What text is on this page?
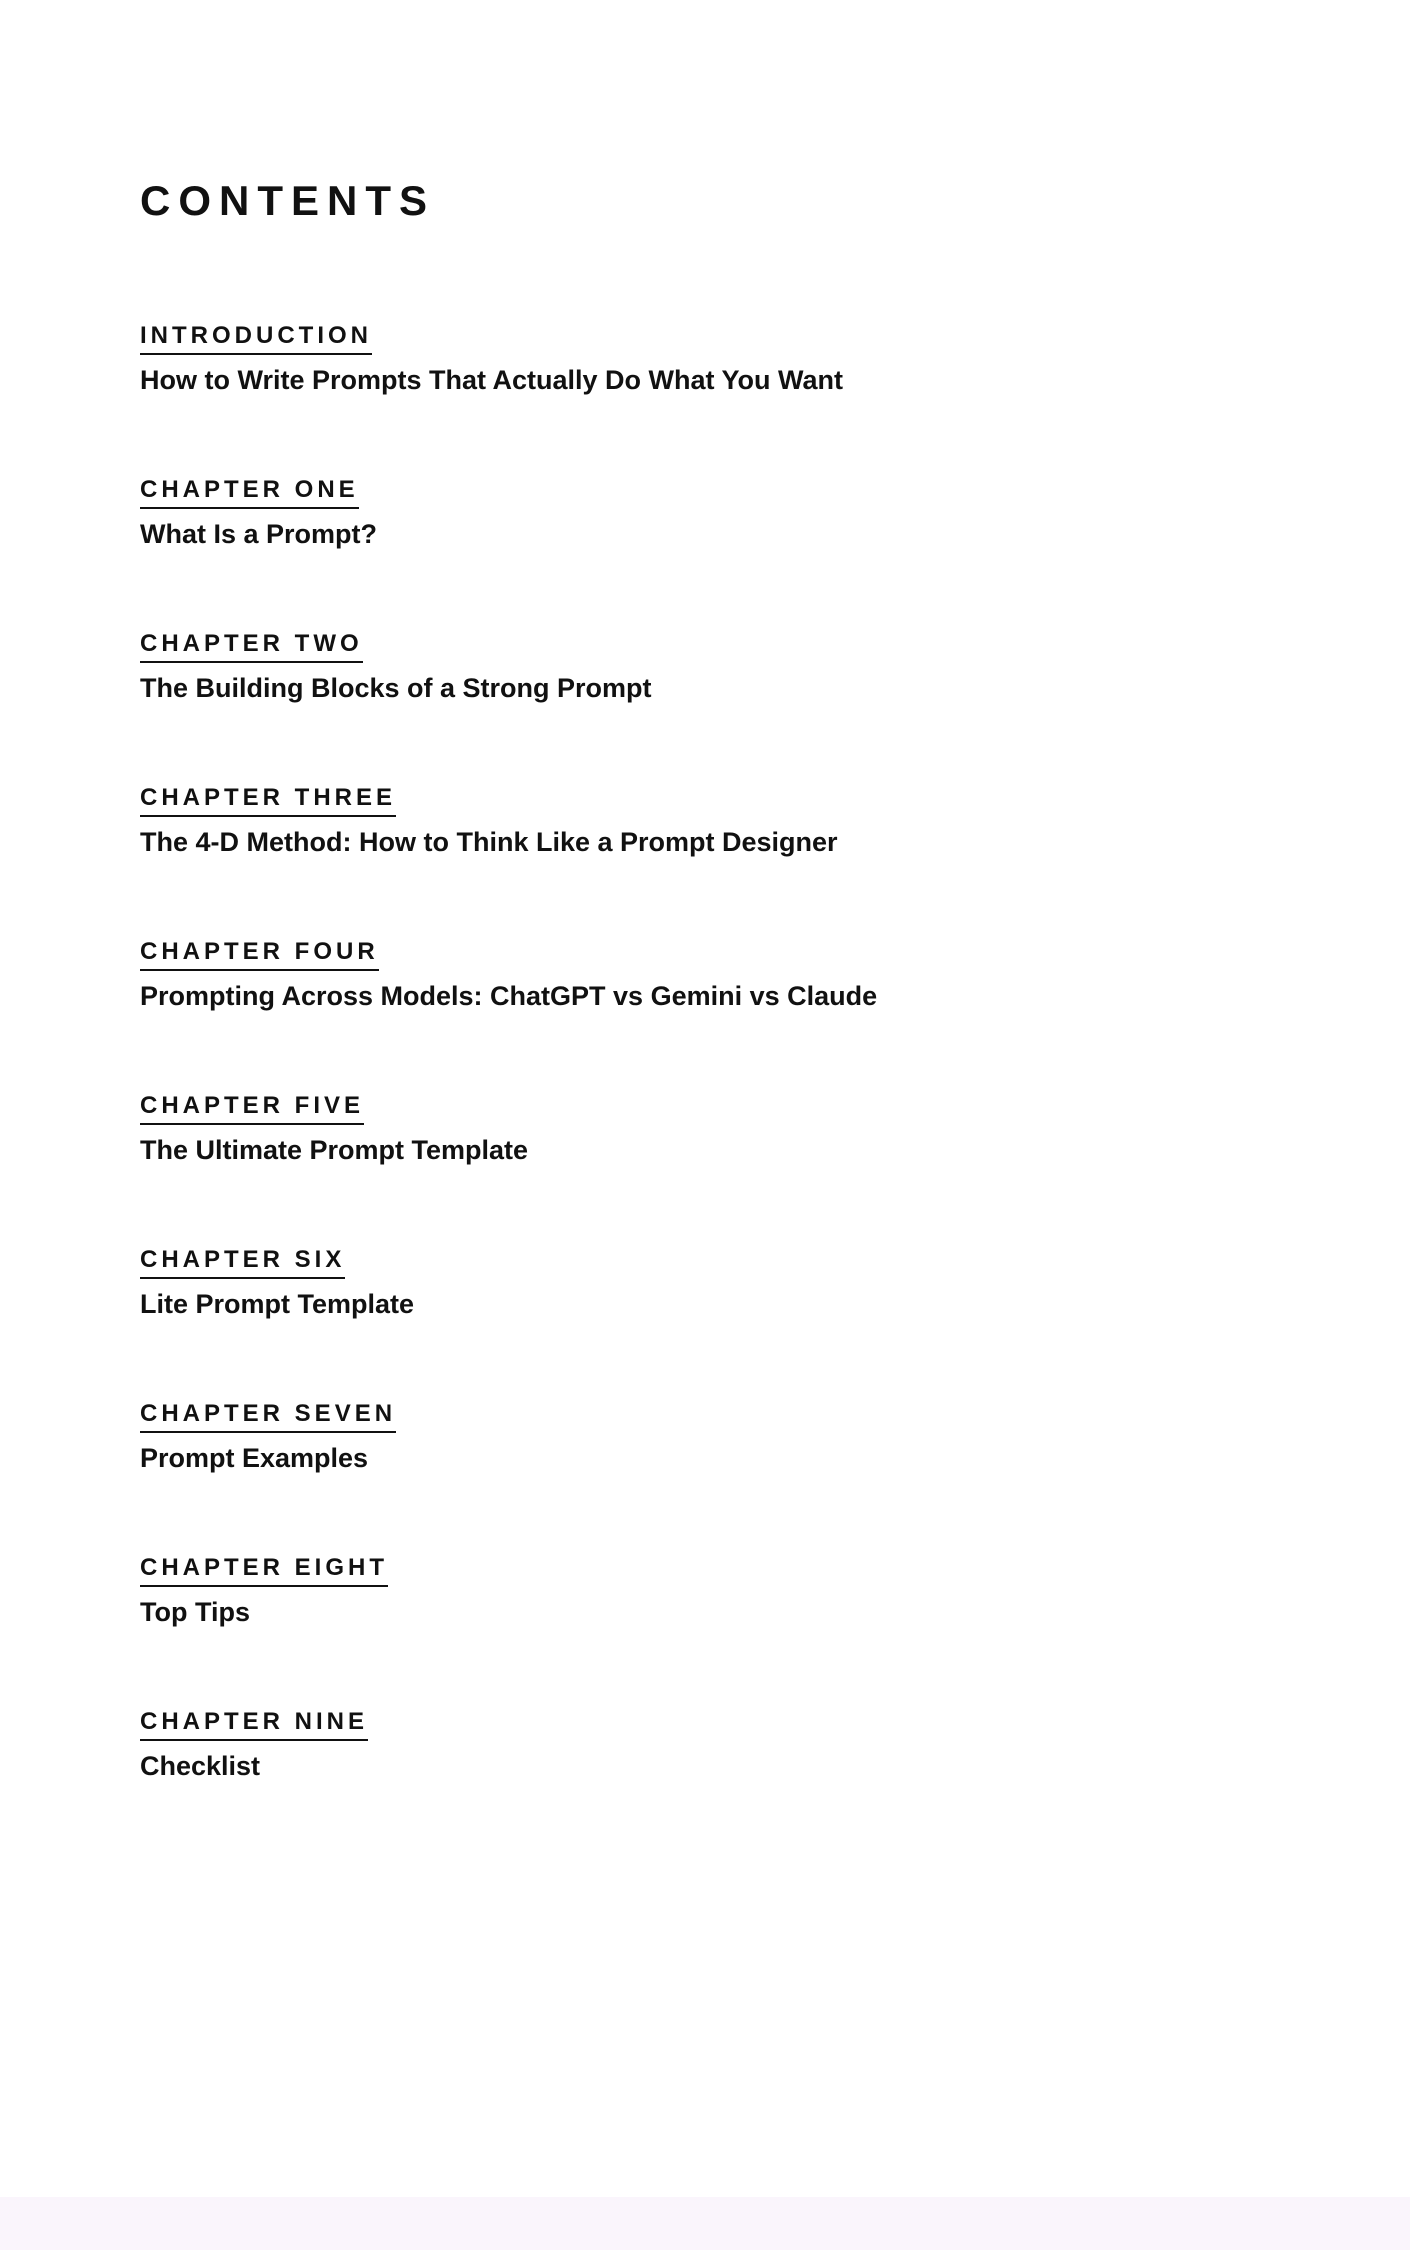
CONTENTS
INTRODUCTION
How to Write Prompts That Actually Do What You Want
CHAPTER ONE
What Is a Prompt?
CHAPTER TWO
The Building Blocks of a Strong Prompt
CHAPTER THREE
The 4-D Method: How to Think Like a Prompt Designer
CHAPTER FOUR
Prompting Across Models: ChatGPT vs Gemini vs Claude
CHAPTER FIVE
The Ultimate Prompt Template
CHAPTER SIX
Lite Prompt Template
CHAPTER SEVEN
Prompt Examples
CHAPTER EIGHT
Top Tips
CHAPTER NINE
Checklist
